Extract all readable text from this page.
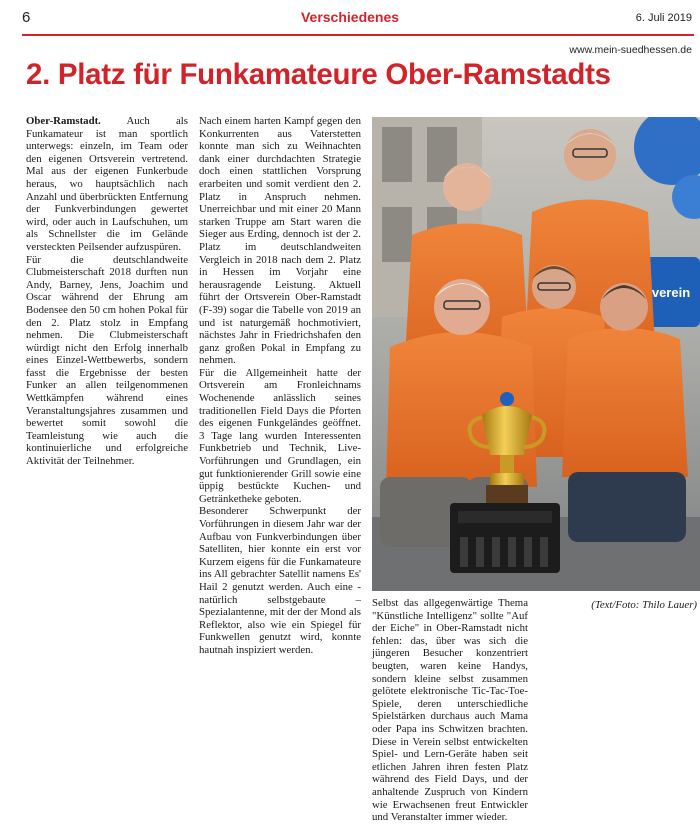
6	Verschiedenes	6. Juli 2019
www.mein-suedhessen.de
2. Platz für Funkamateure Ober-Ramstadts

Ober-Ramstadt. Auch als Funkamateur ist man sportlich unterwegs: einzeln, im Team oder den eigenen Ortsverein vertretend. Mal aus der eigenen Funkerbude heraus, wo hauptsächlich nach Anzahl und überbrückten Entfernung der Funkverbindungen gewertet wird, oder auch in Laufschuhen, um als Schnellster die im Gelände versteckten Peilsender aufzuspüren.

Für die deutschlandweite Clubmeisterschaft 2018 durften nun Andy, Barney, Jens, Joachim und Oscar während der Ehrung am Bodensee den 50 cm hohen Pokal für den 2. Platz stolz in Empfang nehmen. Die Clubmeisterschaft würdigt nicht den Erfolg innerhalb eines Einzel-Wettbewerbs, sondern fasst die Ergebnisse der besten Funker an allen teilgenommenen Wettkämpfen während eines Veranstaltungsjahres zusammen und bewertet somit sowohl die Teamleistung wie auch die kontinuierliche und erfolgreiche Aktivität der Teilnehmer.

Nach einem harten Kampf gegen den Konkurrenten aus Vaterstetten konnte man sich zu Weihnachten dank einer durchdachten Strategie doch einen stattlichen Vorsprung erarbeiten und somit verdient den 2. Platz in Anspruch nehmen. Unerreichbar und mit einer 20 Mann starken Truppe am Start waren die Sieger aus Erding, dennoch ist der 2. Platz im deutschlandweiten Vergleich in 2018 nach dem 2. Platz in Hessen im Vorjahr eine herausragende Leistung. Aktuell führt der Ortsverein Ober-Ramstadt (F-39) sogar die Tabelle von 2019 an und ist naturgemäß hochmotiviert, nächstes Jahr in Friedrichshafen den ganz großen Pokal in Empfang zu nehmen.

Für die Allgemeinheit hatte der Ortsverein am Fronleichnams Wochenende anlässlich seines traditionellen Field Days die Pforten des eigenen Funkgeländes geöffnet. 3 Tage lang wurden Interessenten Funkbetrieb und Technik, Live-Vorführungen und Grundlagen, ein gut funktionierender Grill sowie eine üppig bestückte Kuchen- und Getränketheke geboten.

Besonderer Schwerpunkt der Vorführungen in diesem Jahr war der Aufbau von Funkverbindungen über Satelliten, hier konnte ein erst vor Kurzem eigens für die Funkamateure ins All gebrachter Satellit namens Es' Hail 2 genutzt werden. Auch eine - natürlich selbstgebaute – Spezialantenne, mit der der Mond als Reflektor, also wie ein Spiegel für Funkwellen genutzt wird, konnte hautnah inspiziert werden.

Selbst das allgegenwärtige Thema "Künstliche Intelligenz" sollte "Auf der Eiche" in Ober-Ramstadt nicht fehlen: das, über was sich die jüngeren Besucher konzentriert beugten, waren keine Handys, sondern kleine selbst zusammen gelötete elektronische Tic-Tac-Toe-Spiele, deren unterschiedliche Spielstärken durchaus auch Mama oder Papa ins Schwitzen brachten. Diese in Verein selbst entwickelten Spiel- und Lern-Geräte haben seit etlichen Jahren ihren festen Platz während des Field Days, und der anhaltende Zuspruch von Kindern wie Erwachsenen freut Entwickler und Veranstalter immer wieder.

(Text/Foto: Thilo Lauer)

verein
